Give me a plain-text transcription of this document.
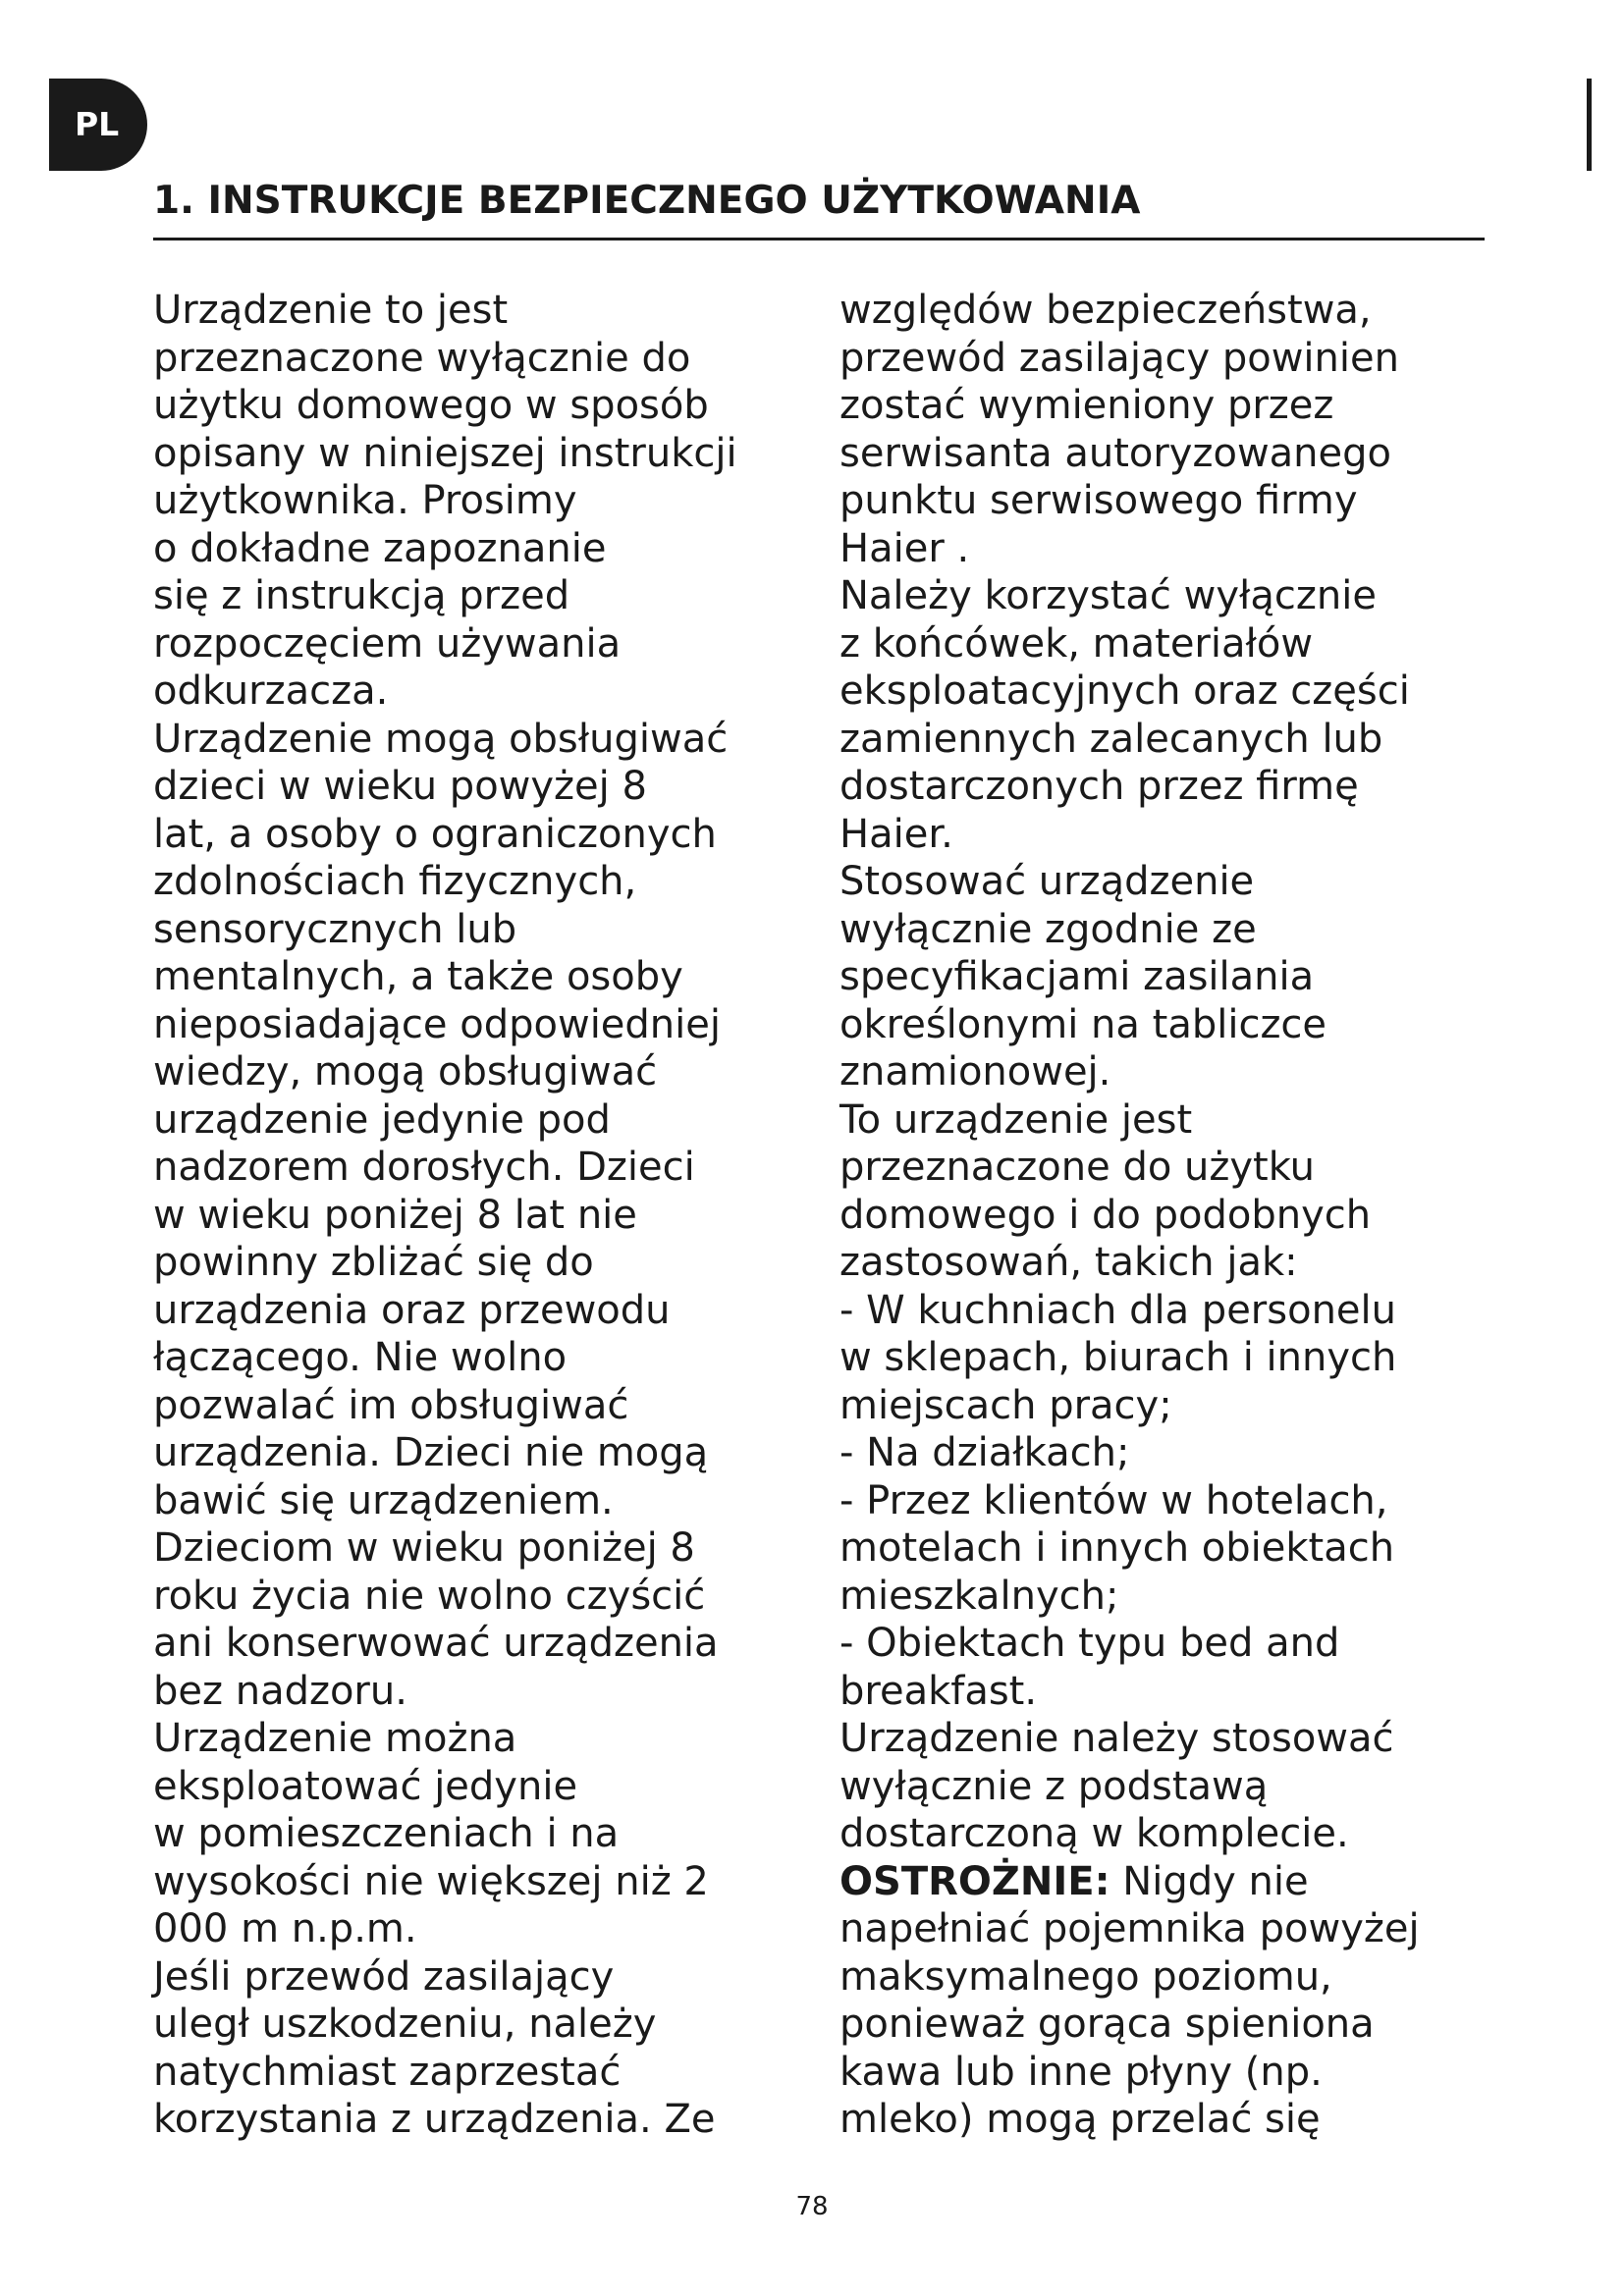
PL
1. INSTRUKCJE BEZPIECZNEGO UŻYTKOWANIA
Urządzenie to jest
przeznaczone wyłącznie do
użytku domowego w sposób
opisany w niniejszej instrukcji
użytkownika. Prosimy
o dokładne zapoznanie
się z instrukcją przed
rozpoczęciem używania
odkurzacza.
Urządzenie mogą obsługiwać
dzieci w wieku powyżej 8
lat, a osoby o ograniczonych
zdolnościach fizycznych,
sensorycznych lub
mentalnych, a także osoby
nieposiadające odpowiedniej
wiedzy, mogą obsługiwać
urządzenie jedynie pod
nadzorem dorosłych. Dzieci
w wieku poniżej 8 lat nie
powinny zbliżać się do
urządzenia oraz przewodu
łączącego. Nie wolno
pozwalać im obsługiwać
urządzenia. Dzieci nie mogą
bawić się urządzeniem.
Dzieciom w wieku poniżej 8
roku życia nie wolno czyścić
ani konserwować urządzenia
bez nadzoru.
Urządzenie można
eksploatować jedynie
w pomieszczeniach i na
wysokości nie większej niż 2
000 m n.p.m.
Jeśli przewód zasilający
uległ uszkodzeniu, należy
natychmiast zaprzestać
korzystania z urządzenia. Ze
względów bezpieczeństwa,
przewód zasilający powinien
zostać wymieniony przez
serwisanta autoryzowanego
punktu serwisowego firmy
Haier .
Należy korzystać wyłącznie
z końcówek, materiałów
eksploatacyjnych oraz części
zamiennych zalecanych lub
dostarczonych przez firmę
Haier.
Stosować urządzenie
wyłącznie zgodnie ze
specyfikacjami zasilania
określonymi na tabliczce
znamionowej.
To urządzenie jest
przeznaczone do użytku
domowego i do podobnych
zastosowań, takich jak:
- W kuchniach dla personelu
w sklepach, biurach i innych
miejscach pracy;
- Na działkach;
- Przez klientów w hotelach,
motelach i innych obiektach
mieszkalnych;
- Obiektach typu bed and
breakfast.
Urządzenie należy stosować
wyłącznie z podstawą
dostarczoną w komplecie.
OSTROŻNIE: Nigdy nie
napełniać pojemnika powyżej
maksymalnego poziomu,
ponieważ gorąca spieniona
kawa lub inne płyny (np.
mleko) mogą przelać się
78
